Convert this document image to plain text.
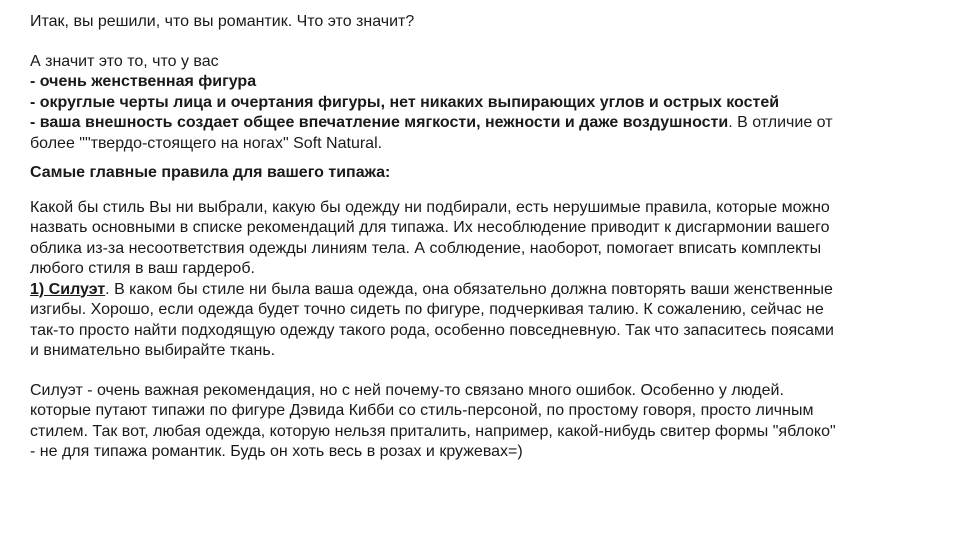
Итак, вы решили, что вы романтик. Что это значит?

А значит это то, что у вас

- очень женственная фигура

- округлые черты лица и очертания фигуры, нет никаких выпирающих углов и острых костей

- ваша внешность создает общее впечатление мягкости, нежности и даже воздушности. В отличие от

более ""твердо-стоящего на ногах" Soft Natural.

Самые главные правила для вашего типажа:

Какой бы стиль Вы ни выбрали, какую бы одежду ни подбирали, есть нерушимые правила, которые можно

назвать основными в списке рекомендаций для типажа. Их несоблюдение приводит к дисгармонии вашего

облика из-за несоответствия одежды линиям тела. А соблюдение, наоборот, помогает вписать комплекты

любого стиля в ваш гардероб.

1) Силуэт. В каком бы стиле ни была ваша одежда, она обязательно должна повторять ваши женственные

изгибы. Хорошо, если одежда будет точно сидеть по фигуре, подчеркивая талию. К сожалению, сейчас не

так-то просто найти подходящую одежду такого рода, особенно повседневную. Так что запаситесь поясами

и внимательно выбирайте ткань.

Силуэт - очень важная рекомендация, но с ней почему-то связано много ошибок. Особенно у людей.

которые путают типажи по фигуре Дэвида Кибби со стиль-персоной, по простому говоря, просто личным

стилем. Так вот, любая одежда, которую нельзя приталить, например, какой-нибудь свитер формы "яблоко"

- не для типажа романтик. Будь он хоть весь в розах и кружевах=)
